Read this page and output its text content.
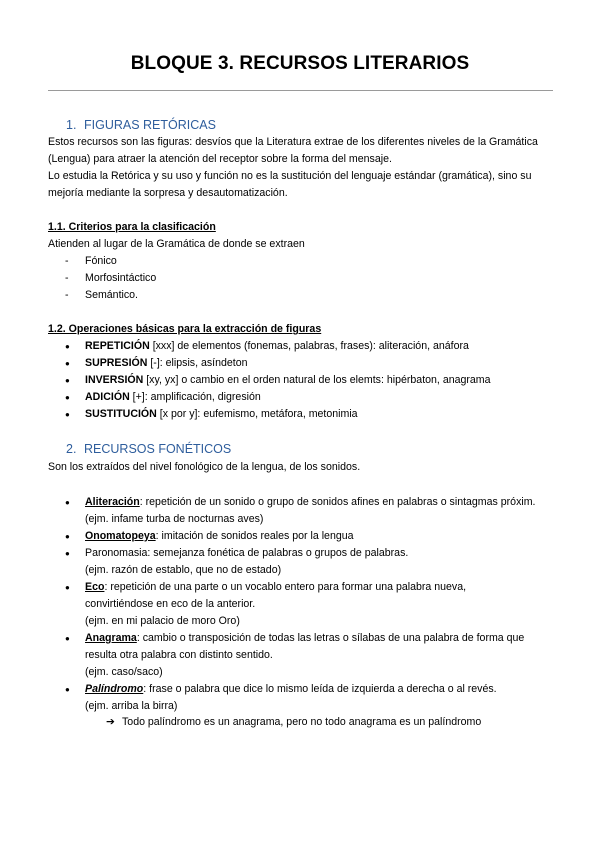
BLOQUE 3. RECURSOS LITERARIOS
1. FIGURAS RETÓRICAS
Estos recursos son las figuras: desvíos que la Literatura extrae de los diferentes niveles de la Gramática
(Lengua) para atraer la atención del receptor sobre la forma del mensaje.
Lo estudia la Retórica y su uso y función no es la sustitución del lenguaje estándar (gramática), sino su
mejoría mediante la sorpresa y desautomatización.
1.1. Criterios para la clasificación
Atienden al lugar de la Gramática de donde se extraen
- Fónico
- Morfosintáctico
- Semántico.
1.2. Operaciones básicas para la extracción de figuras
● REPETICIÓN [xxx] de elementos (fonemas, palabras, frases): aliteración, anáfora
● SUPRESIÓN [-]: elipsis, asíndeton
● INVERSIÓN [xy, yx] o cambio en el orden natural de los elemts: hipérbaton, anagrama
● ADICIÓN [+]: amplificación, digresión
● SUSTITUCIÓN [x por y]: eufemismo, metáfora, metonimia
2. RECURSOS FONÉTICOS
Son los extraídos del nivel fonológico de la lengua, de los sonidos.
● Aliteración: repetición de un sonido o grupo de sonidos afines en palabras o sintagmas próxim.
(ejm. infame turba de nocturnas aves)
● Onomatopeya: imitación de sonidos reales por la lengua
● Paronomasia: semejanza fonética de palabras o grupos de palabras.
(ejm. razón de establo, que no de estado)
● Eco: repetición de una parte o un vocablo entero para formar una palabra nueva,
convirtiéndose en eco de la anterior.
(ejm. en mi palacio de moro Oro)
● Anagrama: cambio o transposición de todas las letras o sílabas de una palabra de forma que
resulta otra palabra con distinto sentido.
(ejm. caso/saco)
● Palíndromo: frase o palabra que dice lo mismo leída de izquierda a derecha o al revés.
(ejm. arriba la birra)
➔ Todo palíndromo es un anagrama, pero no todo anagrama es un palíndromo
